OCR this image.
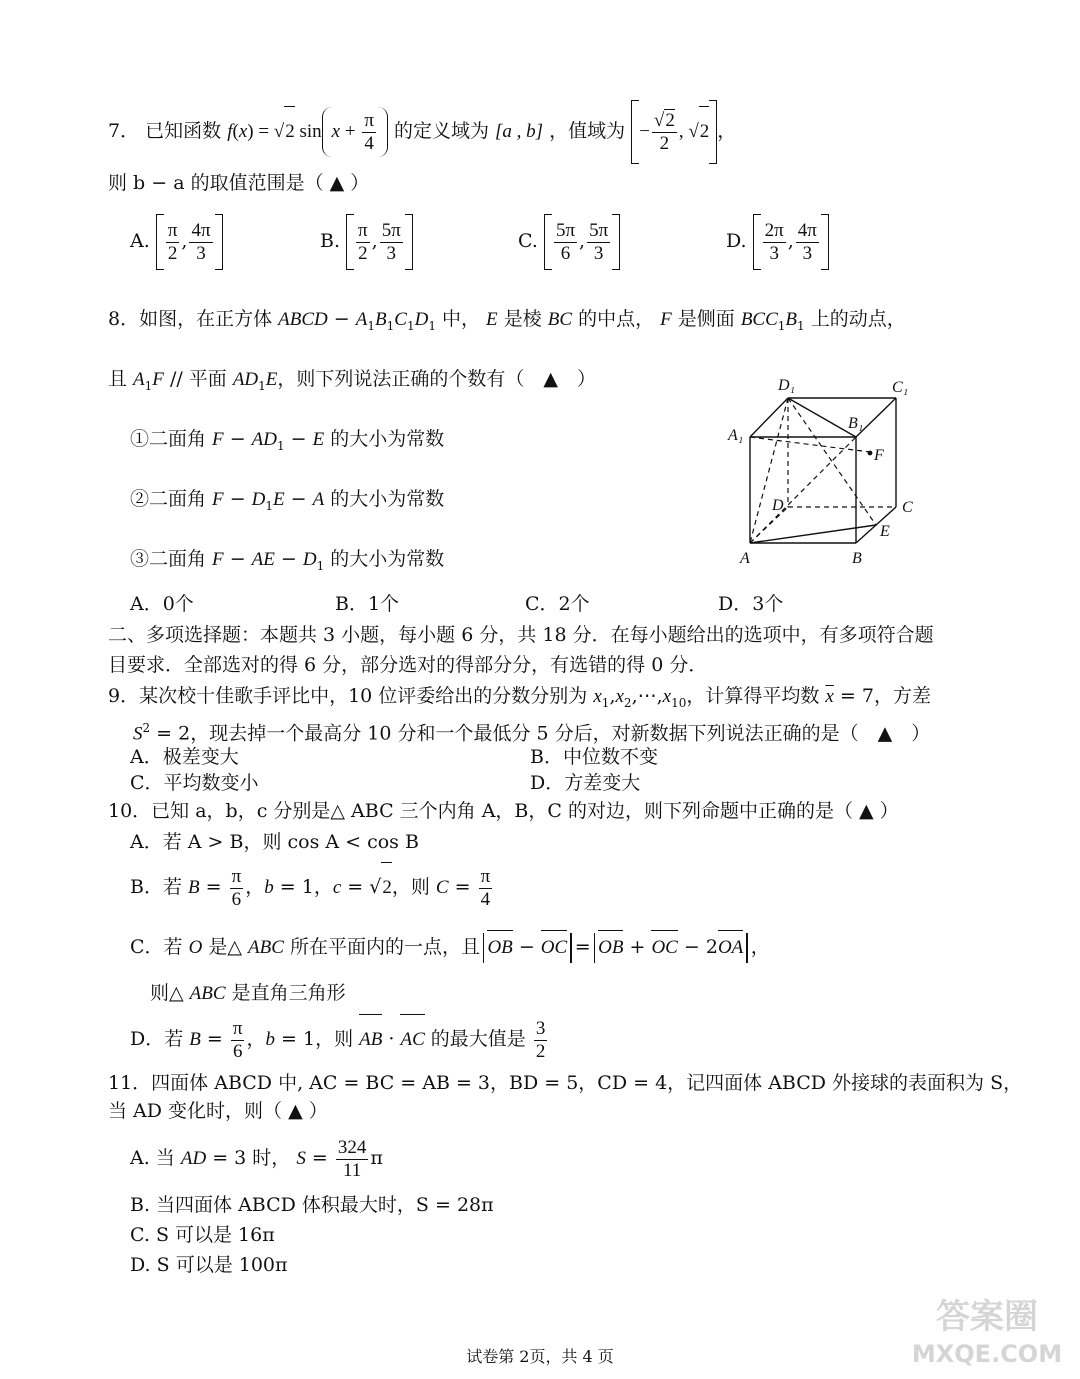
7． 已知函数 f(x) = √2 $\sin x + \frac{\pi}{4}$ 的定义域为 [a , b] ，值域为 − $\frac{√2}{2}$ , √2 ，
则 b − a 的取值范围是（ ▲ ）
A. $\frac{\pi}{2}$ , $\frac{4\pi}{3}$	B. $\frac{\pi}{2}$ , $\frac{5\pi}{3}$	C. $\frac{5\pi}{6}$ , $\frac{5\pi}{3}$	D. $\frac{2\pi}{3}$ , $\frac{4\pi}{3}$
8．如图，在正方体 ABCD − $A_1B_1C_1D_1$ 中， E 是棱 BC 的中点， F 是侧面 $BCC_1B_1$ 上的动点，
且 $A_1F$ // 平面 $AD_1E$，则下列说法正确的个数有（　▲　）
①二面角 $F - AD_1 - E$ 的大小为常数
②二面角 $F - D_1E - A$ 的大小为常数
③二面角 F − AE − $D_1$ 的大小为常数
D₁	C₁
B₁
A₁
F
D	C
E
A	B
A．0个	B．1个	C．2个	D．3个
二、多项选择题：本题共 3 小题，每小题 6 分，共 18 分．在每小题给出的选项中，有多项符合题
目要求．全部选对的得 6 分，部分选对的得部分分，有选错的得 0 分．
9．某次校十佳歌手评比中，10 位评委给出的分数分别为 $x_1,x_2,\cdots,x_{10}$，计算得平均数 $\overline{x} = 7$，方差
$S^2 = 2$，现去掉一个最高分 10 分和一个最低分 5 分后，对新数据下列说法正确的是（　▲　）
A．极差变大	B．中位数不变
C．平均数变小	D．方差变大
10．已知 a，b，c 分别是△ ABC 三个内角 A，B，C 的对边，则下列命题中正确的是（ ▲ ）
A．若 A > B，则 cos A < cos B
B．若 $B = \frac{\pi}{6}$ ，b = 1，c = √2，则 $C = \frac{\pi}{4}$
C．若 O 是△ ABC 所在平面内的一点，且 OB − OC = OB + OC − 2OA ，
则△ ABC 是直角三角形
D．若 $B = \frac{\pi}{6}$ ，b = 1，则 AB · AC 的最大值是 $\frac{3}{2}$
11．四面体 ABCD 中, AC = BC = AB = 3，BD = 5，CD = 4，记四面体 ABCD 外接球的表面积为 S，
当 AD 变化时，则（ ▲ ）
A. 当 AD = 3 时， $S = \frac{324}{11}$ π
B. 当四面体 ABCD 体积最大时，S = 28π
C. S 可以是 16π
D. S 可以是 100π
试卷第 2页，共 4 页
答案圈
MXQE.COM
